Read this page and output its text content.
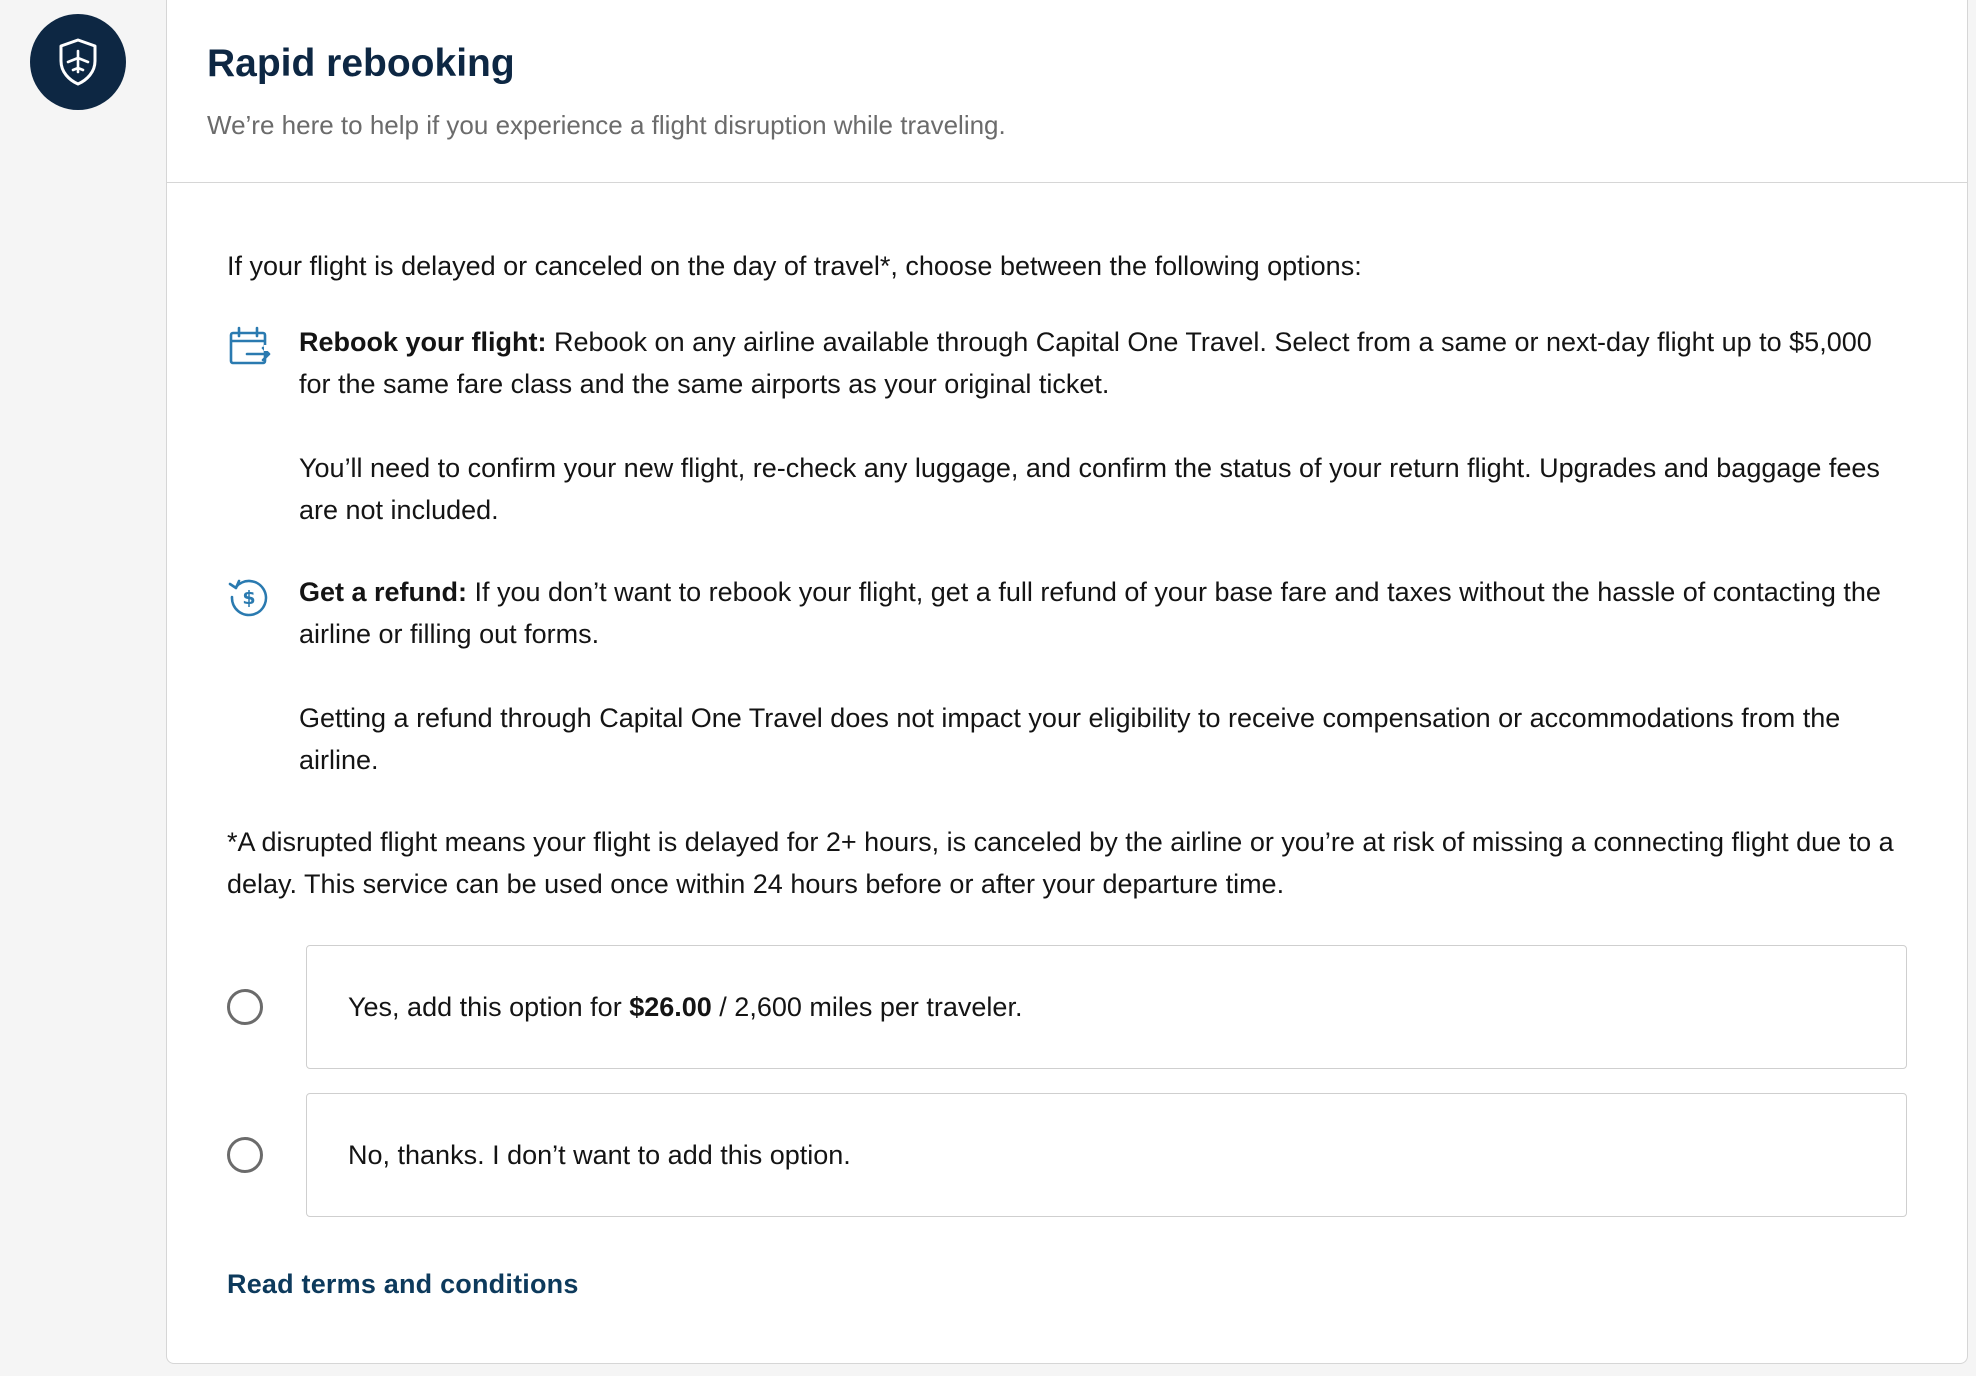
Rapid rebooking
We’re here to help if you experience a flight disruption while traveling.

If your flight is delayed or canceled on the day of travel*, choose between the following options:

Rebook your flight: Rebook on any airline available through Capital One Travel. Select from a same or next-day flight up to $5,000 for the same fare class and the same airports as your original ticket.

You’ll need to confirm your new flight, re-check any luggage, and confirm the status of your return flight. Upgrades and baggage fees are not included.

$ Get a refund: If you don’t want to rebook your flight, get a full refund of your base fare and taxes without the hassle of contacting the airline or filling out forms.

Getting a refund through Capital One Travel does not impact your eligibility to receive compensation or accommodations from the airline.

*A disrupted flight means your flight is delayed for 2+ hours, is canceled by the airline or you’re at risk of missing a connecting flight due to a delay. This service can be used once within 24 hours before or after your departure time.

Yes, add this option for $26.00 / 2,600 miles per traveler.
No, thanks. I don’t want to add this option.
Read terms and conditions
